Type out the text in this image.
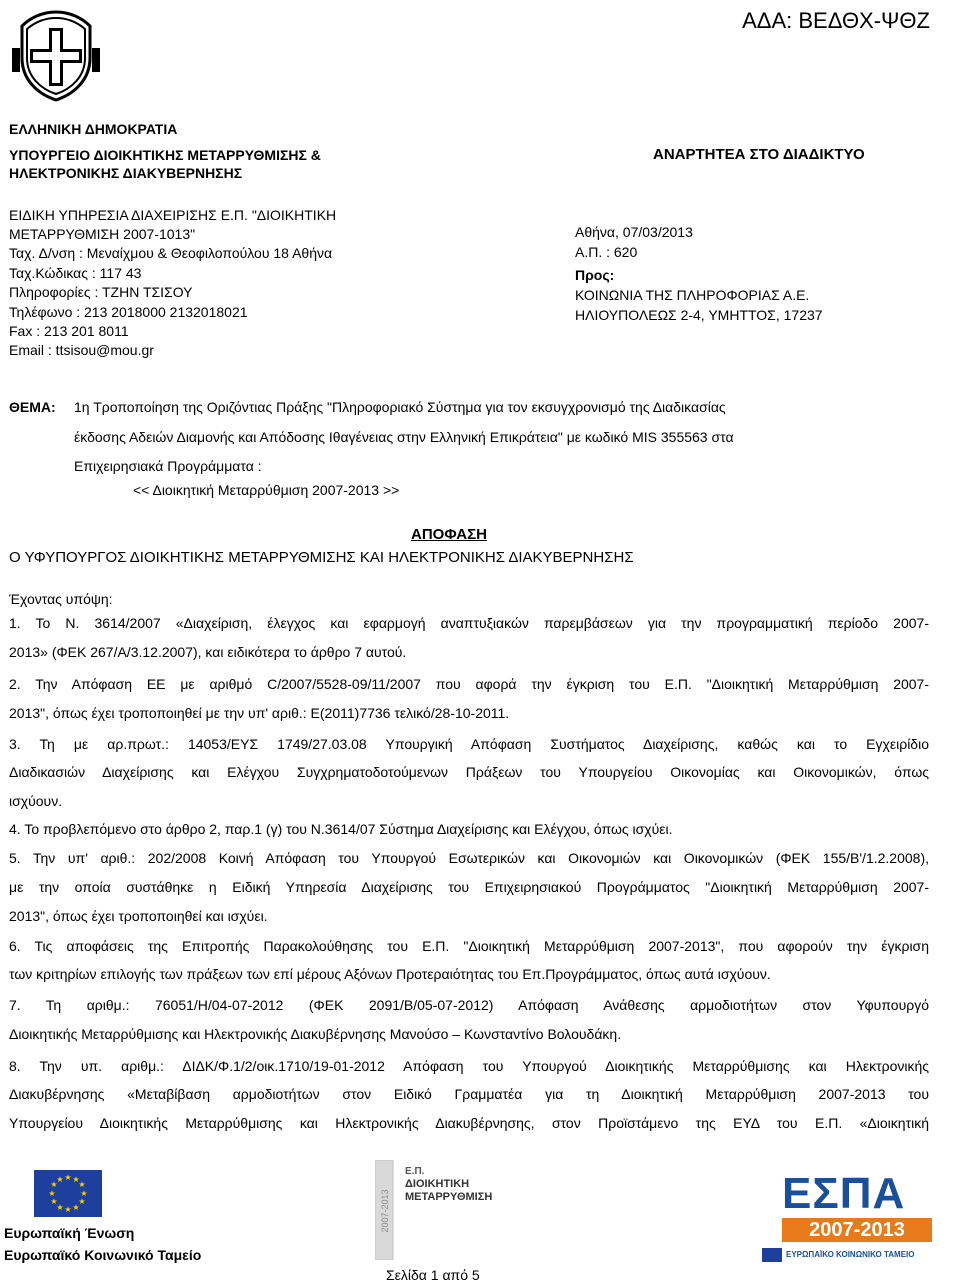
ΑΔΑ: ΒΕΔΘΧ-ΨΘΖ
ΕΛΛΗΝΙΚΗ ΔΗΜΟΚΡΑΤΙΑ
ΥΠΟΥΡΓΕΙΟ ΔΙΟΙΚΗΤΙΚΗΣ ΜΕΤΑΡΡΥΘΜΙΣΗΣ &
ΗΛΕΚΤΡΟΝΙΚΗΣ ΔΙΑΚΥΒΕΡΝΗΣΗΣ
ΑΝΑΡΤΗΤΕΑ ΣΤΟ ΔΙΑΔΙΚΤΥΟ
ΕΙΔΙΚΗ ΥΠΗΡΕΣΙΑ ΔΙΑΧΕΙΡΙΣΗΣ Ε.Π. "ΔΙΟΙΚΗΤΙΚΗ
ΜΕΤΑΡΡΥΘΜΙΣΗ 2007-1013"
Ταχ. Δ/νση : Μεναίχμου & Θεοφιλοπούλου 18 Αθήνα
Ταχ.Κώδικας : 117 43
Πληροφορίες : ΤΖΗΝ ΤΣΙΣΟΥ
Τηλέφωνο : 213 2018000 2132018021
Fax : 213 201 8011
Email : ttsisou@mou.gr
Αθήνα, 07/03/2013
Α.Π. : 620
Προς:
ΚΟΙΝΩΝΙΑ ΤΗΣ ΠΛΗΡΟΦΟΡΙΑΣ Α.Ε.
ΗΛΙΟΥΠΟΛΕΩΣ 2-4, ΥΜΗΤΤΟΣ, 17237
ΘΕΜΑ: 1η Τροποποίηση της Οριζόντιας Πράξης "Πληροφοριακό Σύστημα για τον εκσυγχρονισμό της Διαδικασίας
έκδοσης Αδειών Διαμονής και Απόδοσης Ιθαγένειας στην Ελληνική Επικράτεια" με κωδικό MIS 355563 στα
Επιχειρησιακά Προγράμματα :
<< Διοικητική Μεταρρύθμιση 2007-2013 >>
ΑΠΟΦΑΣΗ
Ο ΥΦΥΠΟΥΡΓΟΣ ΔΙΟΙΚΗΤΙΚΗΣ ΜΕΤΑΡΡΥΘΜΙΣΗΣ ΚΑΙ ΗΛΕΚΤΡΟΝΙΚΗΣ ΔΙΑΚΥΒΕΡΝΗΣΗΣ
Έχοντας υπόψη:
1. Το Ν. 3614/2007 «Διαχείριση, έλεγχος και εφαρμογή αναπτυξιακών παρεμβάσεων για την προγραμματική περίοδο 2007-
2013» (ΦΕΚ 267/Α/3.12.2007), και ειδικότερα το άρθρο 7 αυτού.
2. Την Απόφαση ΕΕ με αριθμό C/2007/5528-09/11/2007 που αφορά την έγκριση του Ε.Π. "Διοικητική Μεταρρύθμιση 2007-
2013", όπως έχει τροποποιηθεί με την υπ' αριθ.: Ε(2011)7736 τελικό/28-10-2011.
3. Τη με αρ.πρωτ.: 14053/ΕΥΣ 1749/27.03.08 Υπουργική Απόφαση Συστήματος Διαχείρισης, καθώς και το Εγχειρίδιο
Διαδικασιών Διαχείρισης και Ελέγχου Συγχρηματοδοτούμενων Πράξεων του Υπουργείου Οικονομίας και Οικονομικών, όπως
ισχύουν.
4. Το προβλεπόμενο στο άρθρο 2, παρ.1 (γ) του Ν.3614/07 Σύστημα Διαχείρισης και Ελέγχου, όπως ισχύει.
5. Την υπ' αριθ.: 202/2008 Κοινή Απόφαση του Υπουργού Εσωτερικών και Οικονομιών και Οικονομικών (ΦΕΚ 155/Β'/1.2.2008),
με την οποία συστάθηκε η Ειδική Υπηρεσία Διαχείρισης του Επιχειρησιακού Προγράμματος "Διοικητική Μεταρρύθμιση 2007-
2013", όπως έχει τροποποιηθεί και ισχύει.
6. Τις αποφάσεις της Επιτροπής Παρακολούθησης του Ε.Π. "Διοικητική Μεταρρύθμιση 2007-2013", που αφορούν την έγκριση
των κριτηρίων επιλογής των πράξεων των επί μέρους Αξόνων Προτεραιότητας του Επ.Προγράμματος, όπως αυτά ισχύουν.
7. Τη αριθμ.: 76051/Η/04-07-2012 (ΦΕΚ 2091/Β/05-07-2012) Απόφαση Ανάθεσης αρμοδιοτήτων στον Υφυπουργό
Διοικητικής Μεταρρύθμισης και Ηλεκτρονικής Διακυβέρνησης Μανούσο – Κωνσταντίνο Βολουδάκη.
8. Την υπ. αριθμ.: ΔΙΔΚ/Φ.1/2/οικ.1710/19-01-2012 Απόφαση του Υπουργού Διοικητικής Μεταρρύθμισης και Ηλεκτρονικής
Διακυβέρνησης «Μεταβίβαση αρμοδιοτήτων στον Ειδικό Γραμματέα για τη Διοικητική Μεταρρύθμιση 2007-2013 του
Υπουργείου Διοικητικής Μεταρρύθμισης και Ηλεκτρονικής Διακυβέρνησης, στον Προϊστάμενο της ΕΥΔ του Ε.Π. «Διοικητική
★ ★
★
★
★
★
★
★
★
★
★
★
Ευρωπαϊκή Ένωση
Ευρωπαϊκό Κοινωνικό Ταμείο
2007-2013
Ε.Π.
ΔΙΟΙΚΗΤΙΚΗ
ΜΕΤΑΡΡΥΘΜΙΣΗ	ΕΣΠΑ
2007-2013
ΕΥΡΩΠΑΪΚΟ ΚΟΙΝΩΝΙΚΟ ΤΑΜΕΙΟ
Σελίδα 1 από 5
